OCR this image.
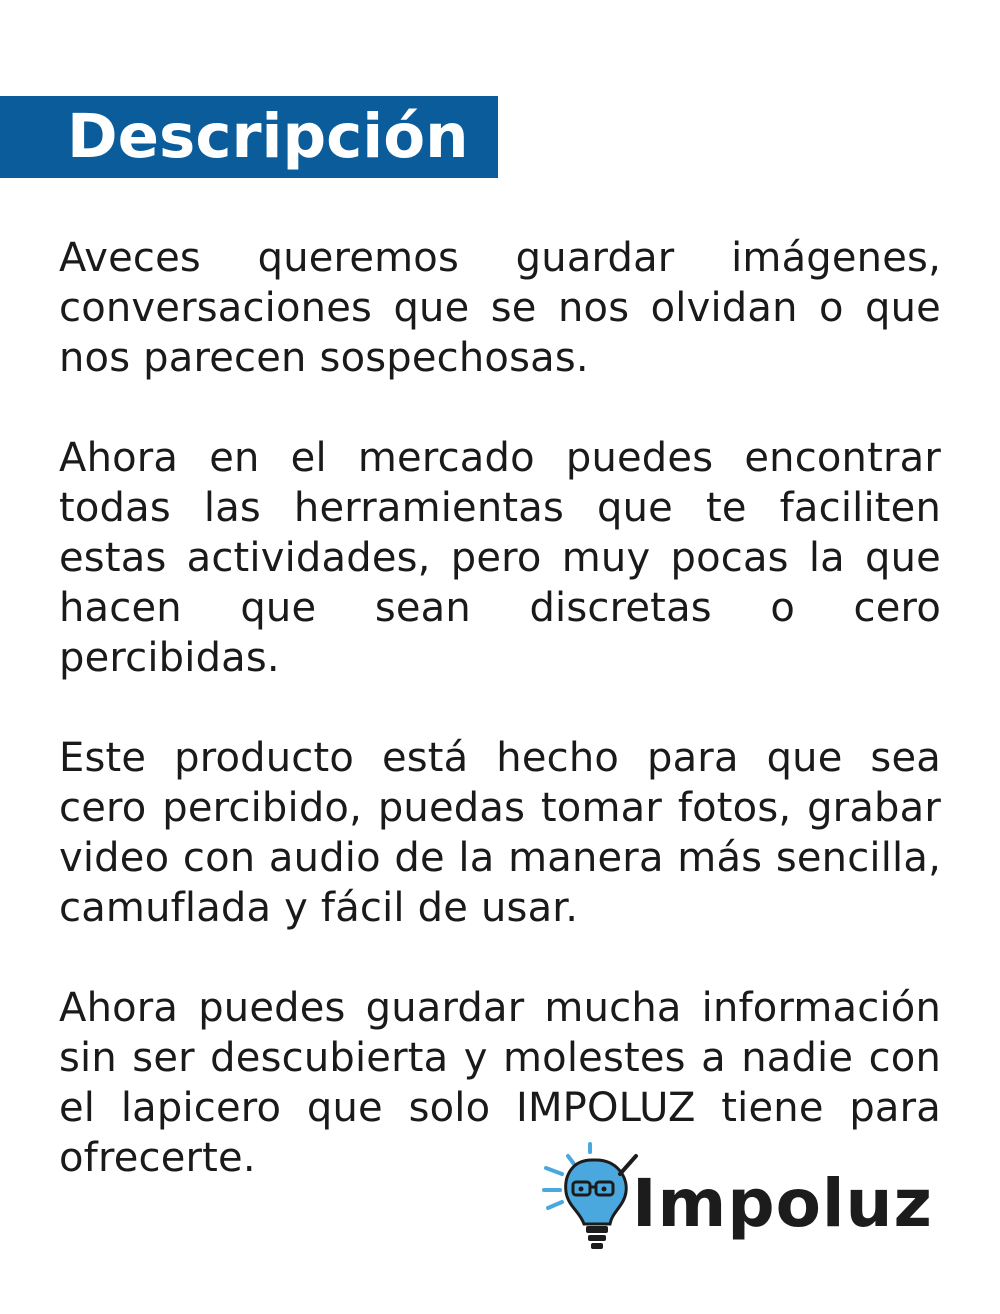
Descripción

Aveces queremos guardar imágenes, conversaciones que se nos olvidan o que nos parecen sospechosas.

Ahora en el mercado puedes encontrar todas las herramientas que te faciliten estas actividades, pero muy pocas la que hacen que sean discretas o cero percibidas.

Este producto está hecho para que sea cero percibido, puedas tomar fotos, grabar video con audio de la manera más sencilla, camuflada y fácil de usar.

Ahora puedes guardar mucha información sin ser descubierta y molestes a nadie con el lapicero que solo IMPOLUZ tiene para ofrecerte.

Impoluz
